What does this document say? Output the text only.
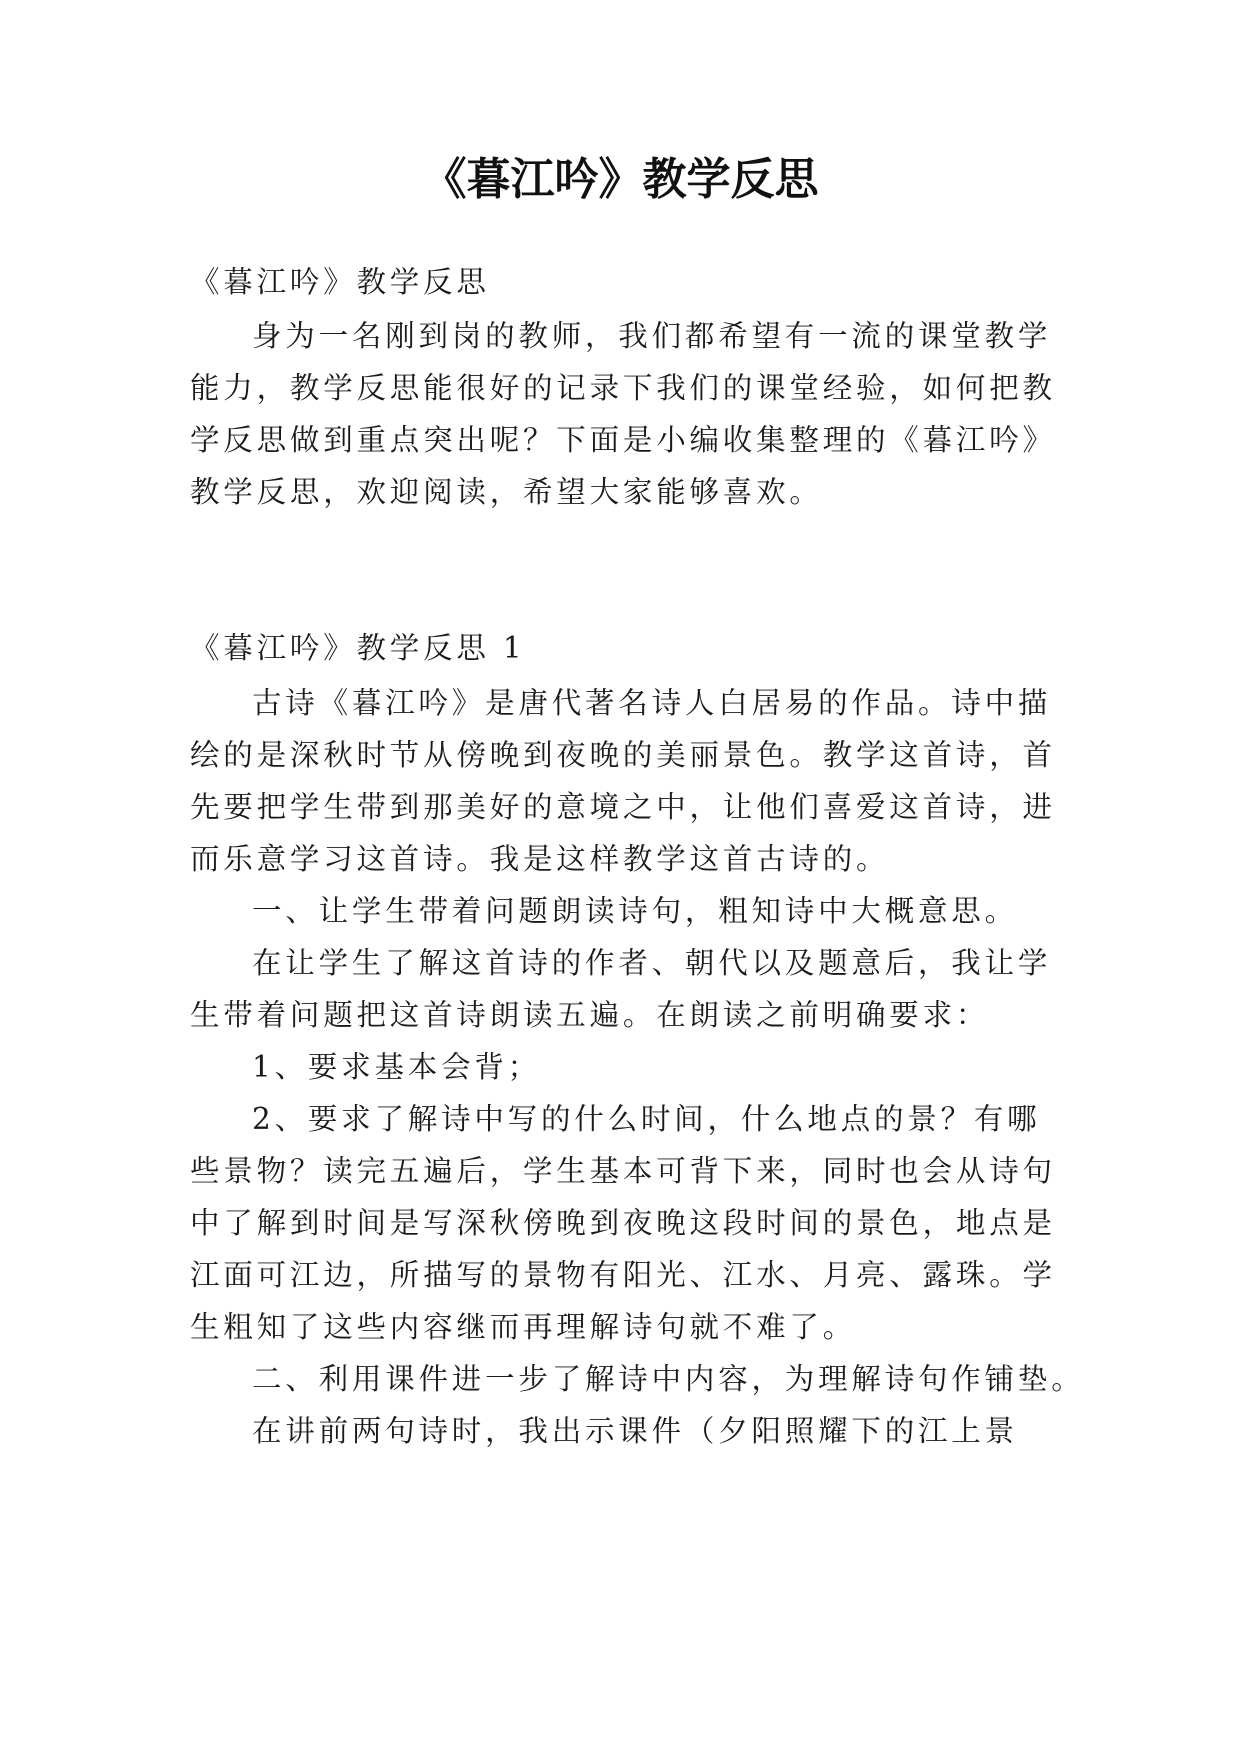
《暮江吟》教学反思

《暮江吟》教学反思

身为一名刚到岗的教师，我们都希望有一流的课堂教学

能力，教学反思能很好的记录下我们的课堂经验，如何把教

学反思做到重点突出呢？下面是小编收集整理的《暮江吟》

教学反思，欢迎阅读，希望大家能够喜欢。

《暮江吟》教学反思 1

古诗《暮江吟》是唐代著名诗人白居易的作品。诗中描

绘的是深秋时节从傍晚到夜晚的美丽景色。教学这首诗，首

先要把学生带到那美好的意境之中，让他们喜爱这首诗，进

而乐意学习这首诗。我是这样教学这首古诗的。

一、让学生带着问题朗读诗句，粗知诗中大概意思。

在让学生了解这首诗的作者、朝代以及题意后，我让学

生带着问题把这首诗朗读五遍。在朗读之前明确要求：

1、要求基本会背；

2、要求了解诗中写的什么时间，什么地点的景？有哪

些景物？读完五遍后，学生基本可背下来，同时也会从诗句

中了解到时间是写深秋傍晚到夜晚这段时间的景色，地点是

江面可江边，所描写的景物有阳光、江水、月亮、露珠。学

生粗知了这些内容继而再理解诗句就不难了。

二、利用课件进一步了解诗中内容，为理解诗句作铺垫。

在讲前两句诗时，我出示课件（夕阳照耀下的江上景
